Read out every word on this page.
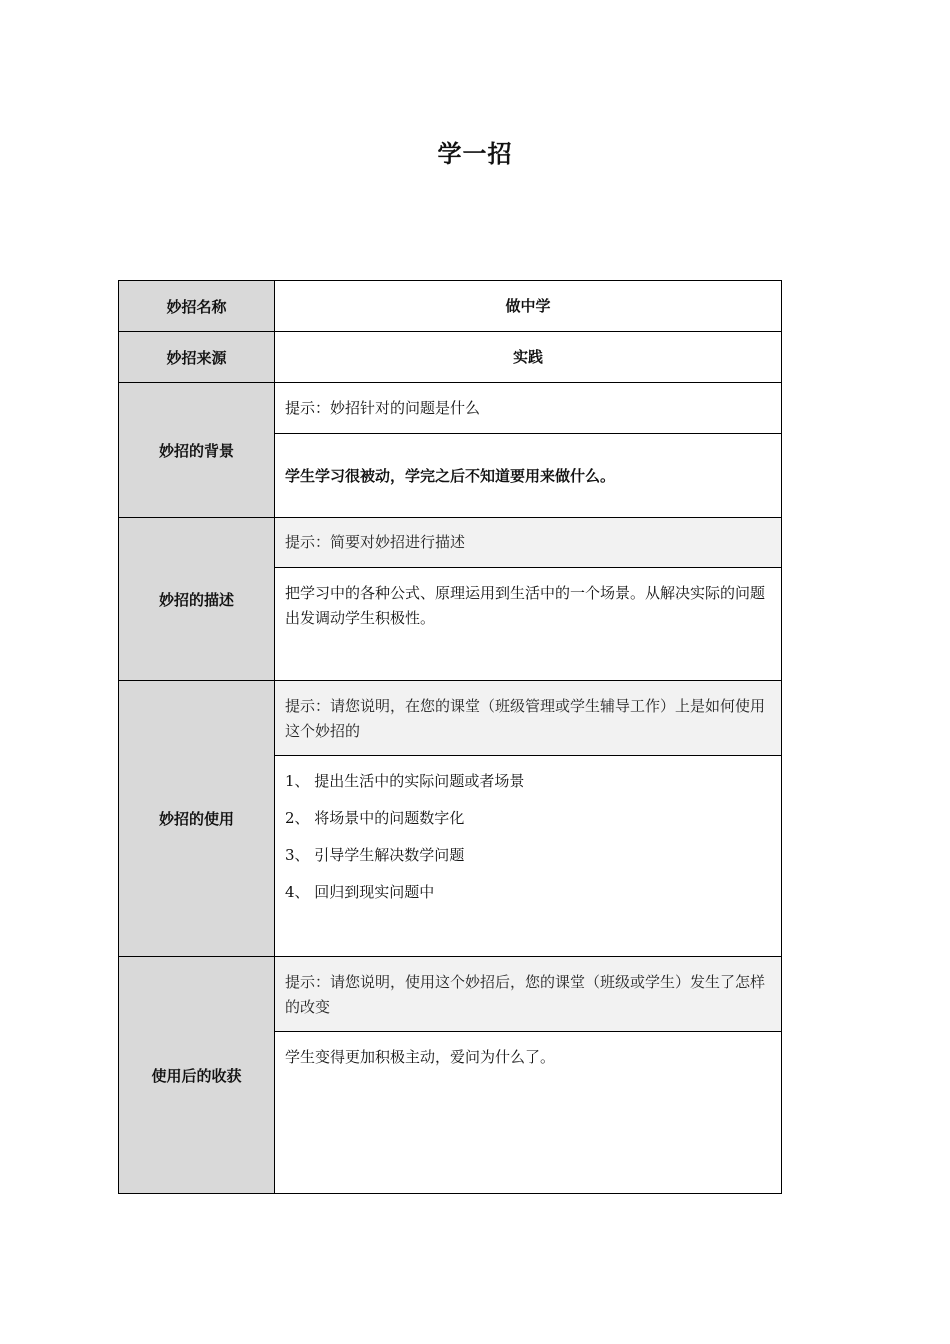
学一招
妙招名称	做中学
妙招来源	实践
妙招的背景
提示：妙招针对的问题是什么
学生学习很被动，学完之后不知道要用来做什么。
妙招的描述
提示：简要对妙招进行描述
把学习中的各种公式、原理运用到生活中的一个场景。从解决实际的问题出发调动学生积极性。
妙招的使用
提示：请您说明，在您的课堂（班级管理或学生辅导工作）上是如何使用这个妙招的
1、 提出生活中的实际问题或者场景
2、 将场景中的问题数字化
3、 引导学生解决数学问题
4、 回归到现实问题中
使用后的收获
提示：请您说明，使用这个妙招后，您的课堂（班级或学生）发生了怎样的改变
学生变得更加积极主动，爱问为什么了。
